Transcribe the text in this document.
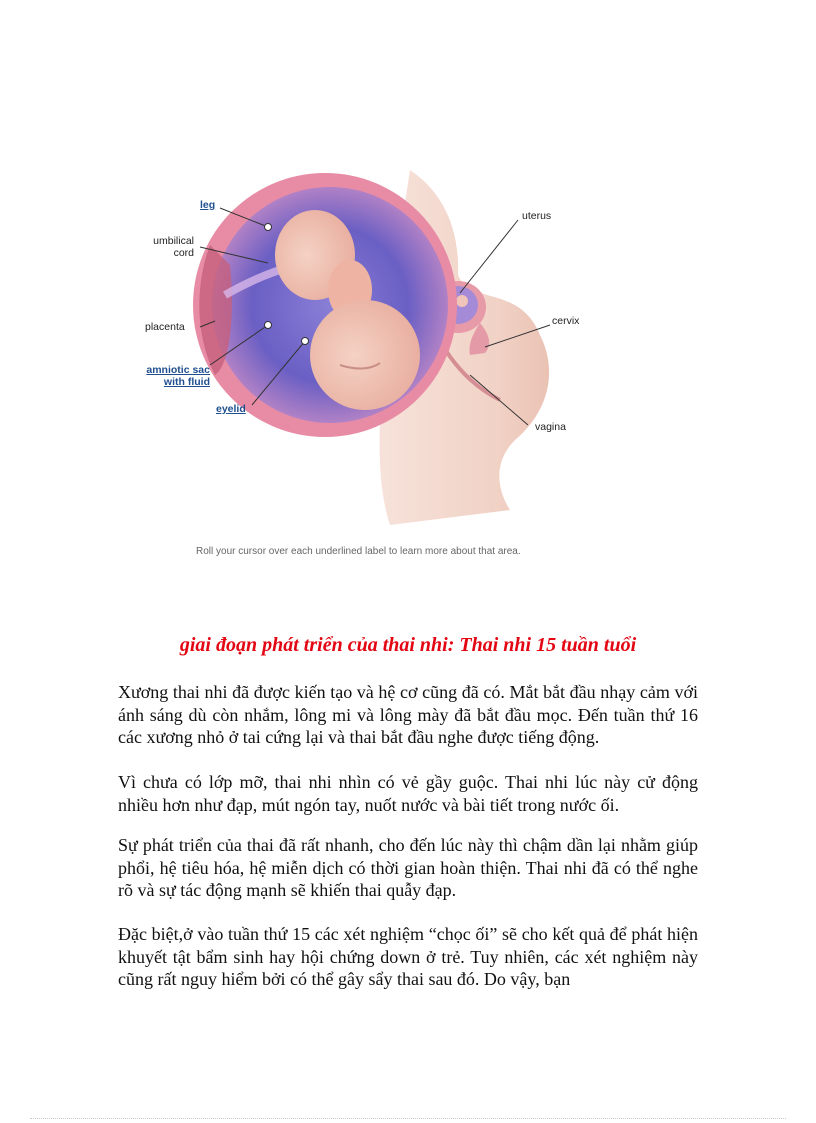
leg
umbilical
cord
placenta
amniotic sac
with fluid
eyelid
uterus
cervix
vagina
Roll your cursor over each underlined label to learn more about that area.
giai đoạn phát triển của thai nhi: Thai nhi 15 tuần tuổi

Xương thai nhi đã được kiến tạo và hệ cơ cũng đã có. Mắt bắt đầu nhạy cảm với ánh sáng dù còn nhắm, lông mi và lông mày đã bắt đầu mọc. Đến tuần thứ 16 các xương nhỏ ở tai cứng lại và thai bắt đầu nghe được tiếng động.

Vì chưa có lớp mỡ, thai nhi nhìn có vẻ gầy guộc. Thai nhi lúc này cử động nhiều hơn như đạp, mút ngón tay, nuốt nước và bài tiết trong nước ối.

Sự phát triển của thai đã rất nhanh, cho đến lúc này thì chậm dần lại nhằm giúp phổi, hệ tiêu hóa, hệ miễn dịch có thời gian hoàn thiện. Thai nhi đã có thể nghe rõ và sự tác động mạnh sẽ khiến thai quẫy đạp.

Đặc biệt,ở vào tuần thứ 15 các xét nghiệm “chọc ối” sẽ cho kết quả để phát hiện khuyết tật bẩm sinh hay hội chứng down ở trẻ. Tuy nhiên, các xét nghiệm này cũng rất nguy hiểm bởi có thể gây sẩy thai sau đó. Do vậy, bạn
